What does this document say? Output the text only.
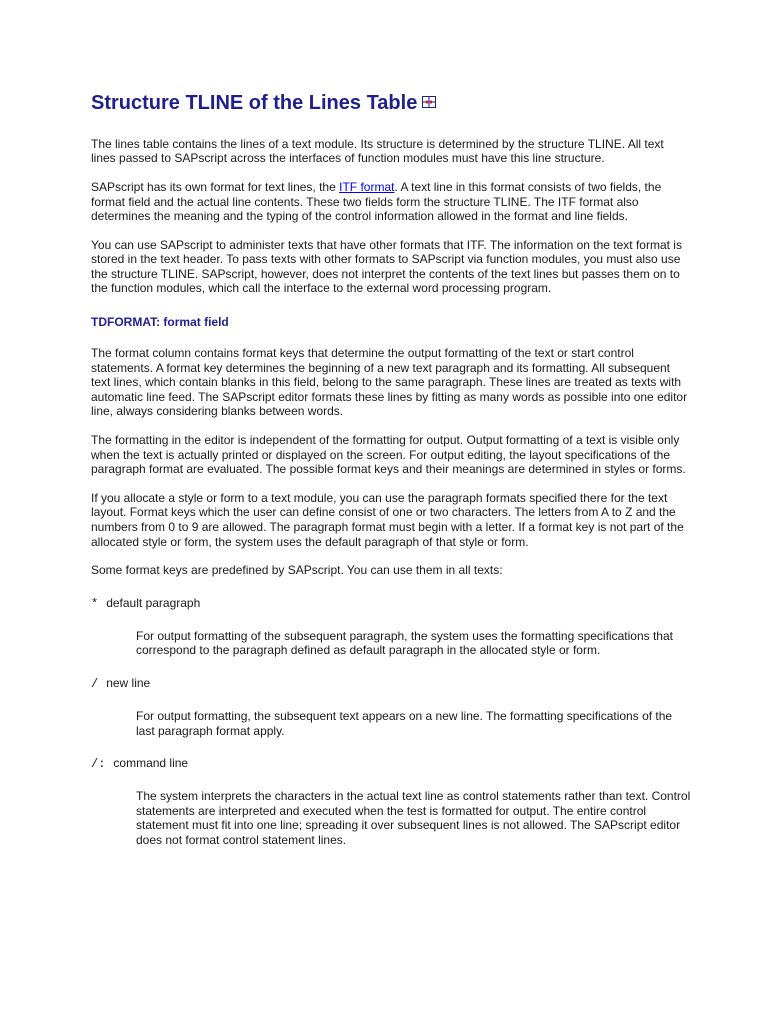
Structure TLINE of the Lines Table

The lines table contains the lines of a text module. Its structure is determined by the structure TLINE. All text lines passed to SAPscript across the interfaces of function modules must have this line structure.

SAPscript has its own format for text lines, the ITF format. A text line in this format consists of two fields, the format field and the actual line contents. These two fields form the structure TLINE. The ITF format also determines the meaning and the typing of the control information allowed in the format and line fields.

You can use SAPscript to administer texts that have other formats that ITF. The information on the text format is stored in the text header. To pass texts with other formats to SAPscript via function modules, you must also use the structure TLINE. SAPscript, however, does not interpret the contents of the text lines but passes them on to the function modules, which call the interface to the external word processing program.

TDFORMAT: format field

The format column contains format keys that determine the output formatting of the text or start control statements. A format key determines the beginning of a new text paragraph and its formatting. All subsequent text lines, which contain blanks in this field, belong to the same paragraph. These lines are treated as texts with automatic line feed. The SAPscript editor formats these lines by fitting as many words as possible into one editor line, always considering blanks between words.

The formatting in the editor is independent of the formatting for output. Output formatting of a text is visible only when the text is actually printed or displayed on the screen. For output editing, the layout specifications of the paragraph format are evaluated. The possible format keys and their meanings are determined in styles or forms.

If you allocate a style or form to a text module, you can use the paragraph formats specified there for the text layout. Format keys which the user can define consist of one or two characters. The letters from A to Z and the numbers from 0 to 9 are allowed. The paragraph format must begin with a letter. If a format key is not part of the allocated style or form, the system uses the default paragraph of that style or form.

Some format keys are predefined by SAPscript. You can use them in all texts:

* default paragraph

For output formatting of the subsequent paragraph, the system uses the formatting specifications that correspond to the paragraph defined as default paragraph in the allocated style or form.

/ new line

For output formatting, the subsequent text appears on a new line. The formatting specifications of the last paragraph format apply.

/: command line

The system interprets the characters in the actual text line as control statements rather than text. Control statements are interpreted and executed when the test is formatted for output. The entire control statement must fit into one line; spreading it over subsequent lines is not allowed. The SAPscript editor does not format control statement lines.
